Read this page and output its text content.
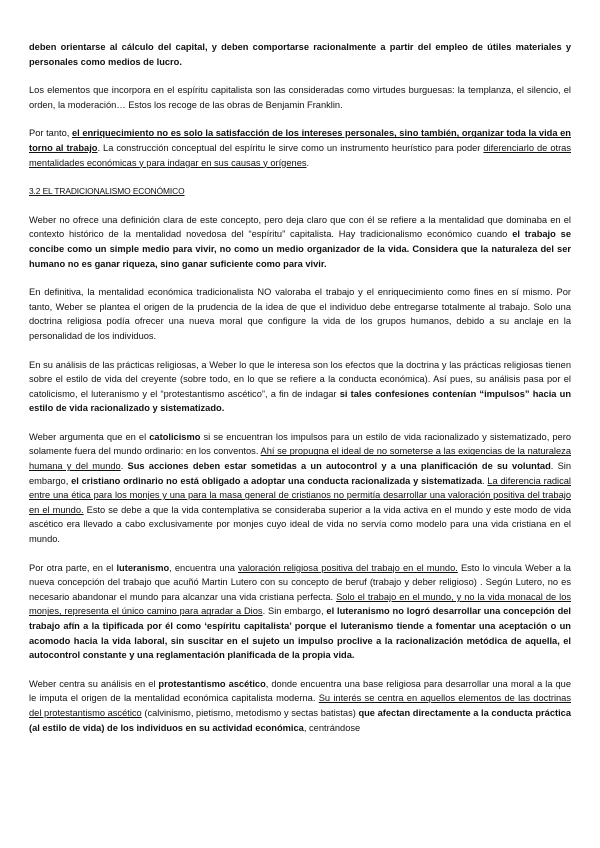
deben orientarse al cálculo del capital, y deben comportarse racionalmente a partir del empleo de útiles materiales y personales como medios de lucro.

Los elementos que incorpora en el espíritu capitalista son las consideradas como virtudes burguesas: la templanza, el silencio, el orden, la moderación… Estos los recoge de las obras de Benjamin Franklin.

Por tanto, el enriquecimiento no es solo la satisfacción de los intereses personales, sino también, organizar toda la vida en torno al trabajo. La construcción conceptual del espíritu le sirve como un instrumento heurístico para poder diferenciarlo de otras mentalidades económicas y para indagar en sus causas y orígenes.

3.2 EL TRADICIONALISMO ECONÓMICO

Weber no ofrece una definición clara de este concepto, pero deja claro que con él se refiere a la mentalidad que dominaba en el contexto histórico de la mentalidad novedosa del “espíritu” capitalista. Hay tradicionalismo económico cuando el trabajo se concibe como un simple medio para vivir, no como un medio organizador de la vida. Considera que la naturaleza del ser humano no es ganar riqueza, sino ganar suficiente como para vivir.

En definitiva, la mentalidad económica tradicionalista NO valoraba el trabajo y el enriquecimiento como fines en sí mismo. Por tanto, Weber se plantea el origen de la prudencia de la idea de que el individuo debe entregarse totalmente al trabajo. Solo una doctrina religiosa podía ofrecer una nueva moral que configure la vida de los grupos humanos, debido a su anclaje en la personalidad de los individuos.

En su análisis de las prácticas religiosas, a Weber lo que le interesa son los efectos que la doctrina y las prácticas religiosas tienen sobre el estilo de vida del creyente (sobre todo, en lo que se refiere a la conducta económica). Así pues, su análisis pasa por el catolicismo, el luteranismo y el “protestantismo ascético”, a fin de indagar si tales confesiones contenían “impulsos” hacia un estilo de vida racionalizado y sistematizado.

Weber argumenta que en el catolicismo si se encuentran los impulsos para un estilo de vida racionalizado y sistematizado, pero solamente fuera del mundo ordinario: en los conventos. Ahí se propugna el ideal de no someterse a las exigencias de la naturaleza humana y del mundo. Sus acciones deben estar sometidas a un autocontrol y a una planificación de su voluntad. Sin embargo, el cristiano ordinario no está obligado a adoptar una conducta racionalizada y sistematizada. La diferencia radical entre una ética para los monjes y una para la masa general de cristianos no permitía desarrollar una valoración positiva del trabajo en el mundo. Esto se debe a que la vida contemplativa se consideraba superior a la vida activa en el mundo y este modo de vida ascético era llevado a cabo exclusivamente por monjes cuyo ideal de vida no servía como modelo para una vida cristiana en el mundo.

Por otra parte, en el luteranismo, encuentra una valoración religiosa positiva del trabajo en el mundo. Esto lo vincula Weber a la nueva concepción del trabajo que acuñó Martin Lutero con su concepto de beruf (trabajo y deber religioso) . Según Lutero, no es necesario abandonar el mundo para alcanzar una vida cristiana perfecta. Solo el trabajo en el mundo, y no la vida monacal de los monjes, representa el único camino para agradar a Dios. Sin embargo, el luteranismo no logró desarrollar una concepción del trabajo afín a la tipificada por él como ‘espíritu capitalista’ porque el luteranismo tiende a fomentar una aceptación o un acomodo hacia la vida laboral, sin suscitar en el sujeto un impulso proclive a la racionalización metódica de aquella, el autocontrol constante y una reglamentación planificada de la propia vida.

Weber centra su análisis en el protestantismo ascético, donde encuentra una base religiosa para desarrollar una moral a la que le imputa el origen de la mentalidad económica capitalista moderna. Su interés se centra en aquellos elementos de las doctrinas del protestantismo ascético (calvinismo, pietismo, metodismo y sectas batistas) que afectan directamente a la conducta práctica (al estilo de vida) de los individuos en su actividad económica, centrándose
